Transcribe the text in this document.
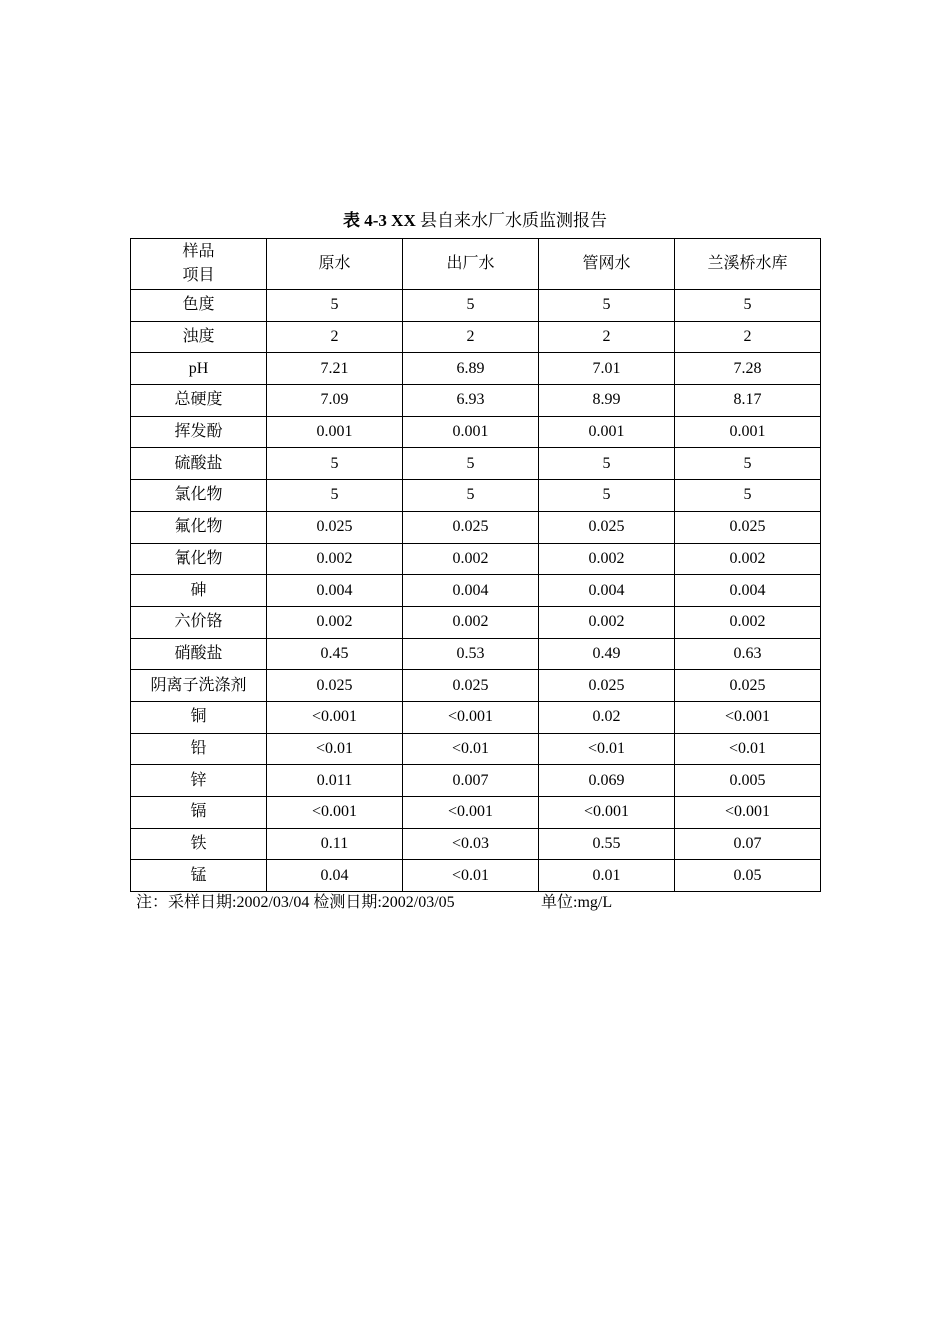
表 4-3 XX 县自来水厂水质监测报告
样品
项目	原水	出厂水	管网水	兰溪桥水库
色度	5	5	5	5
浊度	2	2	2	2
pH	7.21	6.89	7.01	7.28
总硬度	7.09	6.93	8.99	8.17
挥发酚	0.001	0.001	0.001	0.001
硫酸盐	5	5	5	5
氯化物	5	5	5	5
氟化物	0.025	0.025	0.025	0.025
氰化物	0.002	0.002	0.002	0.002
砷	0.004	0.004	0.004	0.004
六价铬	0.002	0.002	0.002	0.002
硝酸盐	0.45	0.53	0.49	0.63
阴离子洗涤剂	0.025	0.025	0.025	0.025
铜	<0.001	<0.001	0.02	<0.001
铅	<0.01	<0.01	<0.01	<0.01
锌	0.011	0.007	0.069	0.005
镉	<0.001	<0.001	<0.001	<0.001
铁	0.11	<0.03	0.55	0.07
锰	0.04	<0.01	0.01	0.05
注：采样日期:2002/03/04 检测日期:2002/03/05	单位:mg/L
